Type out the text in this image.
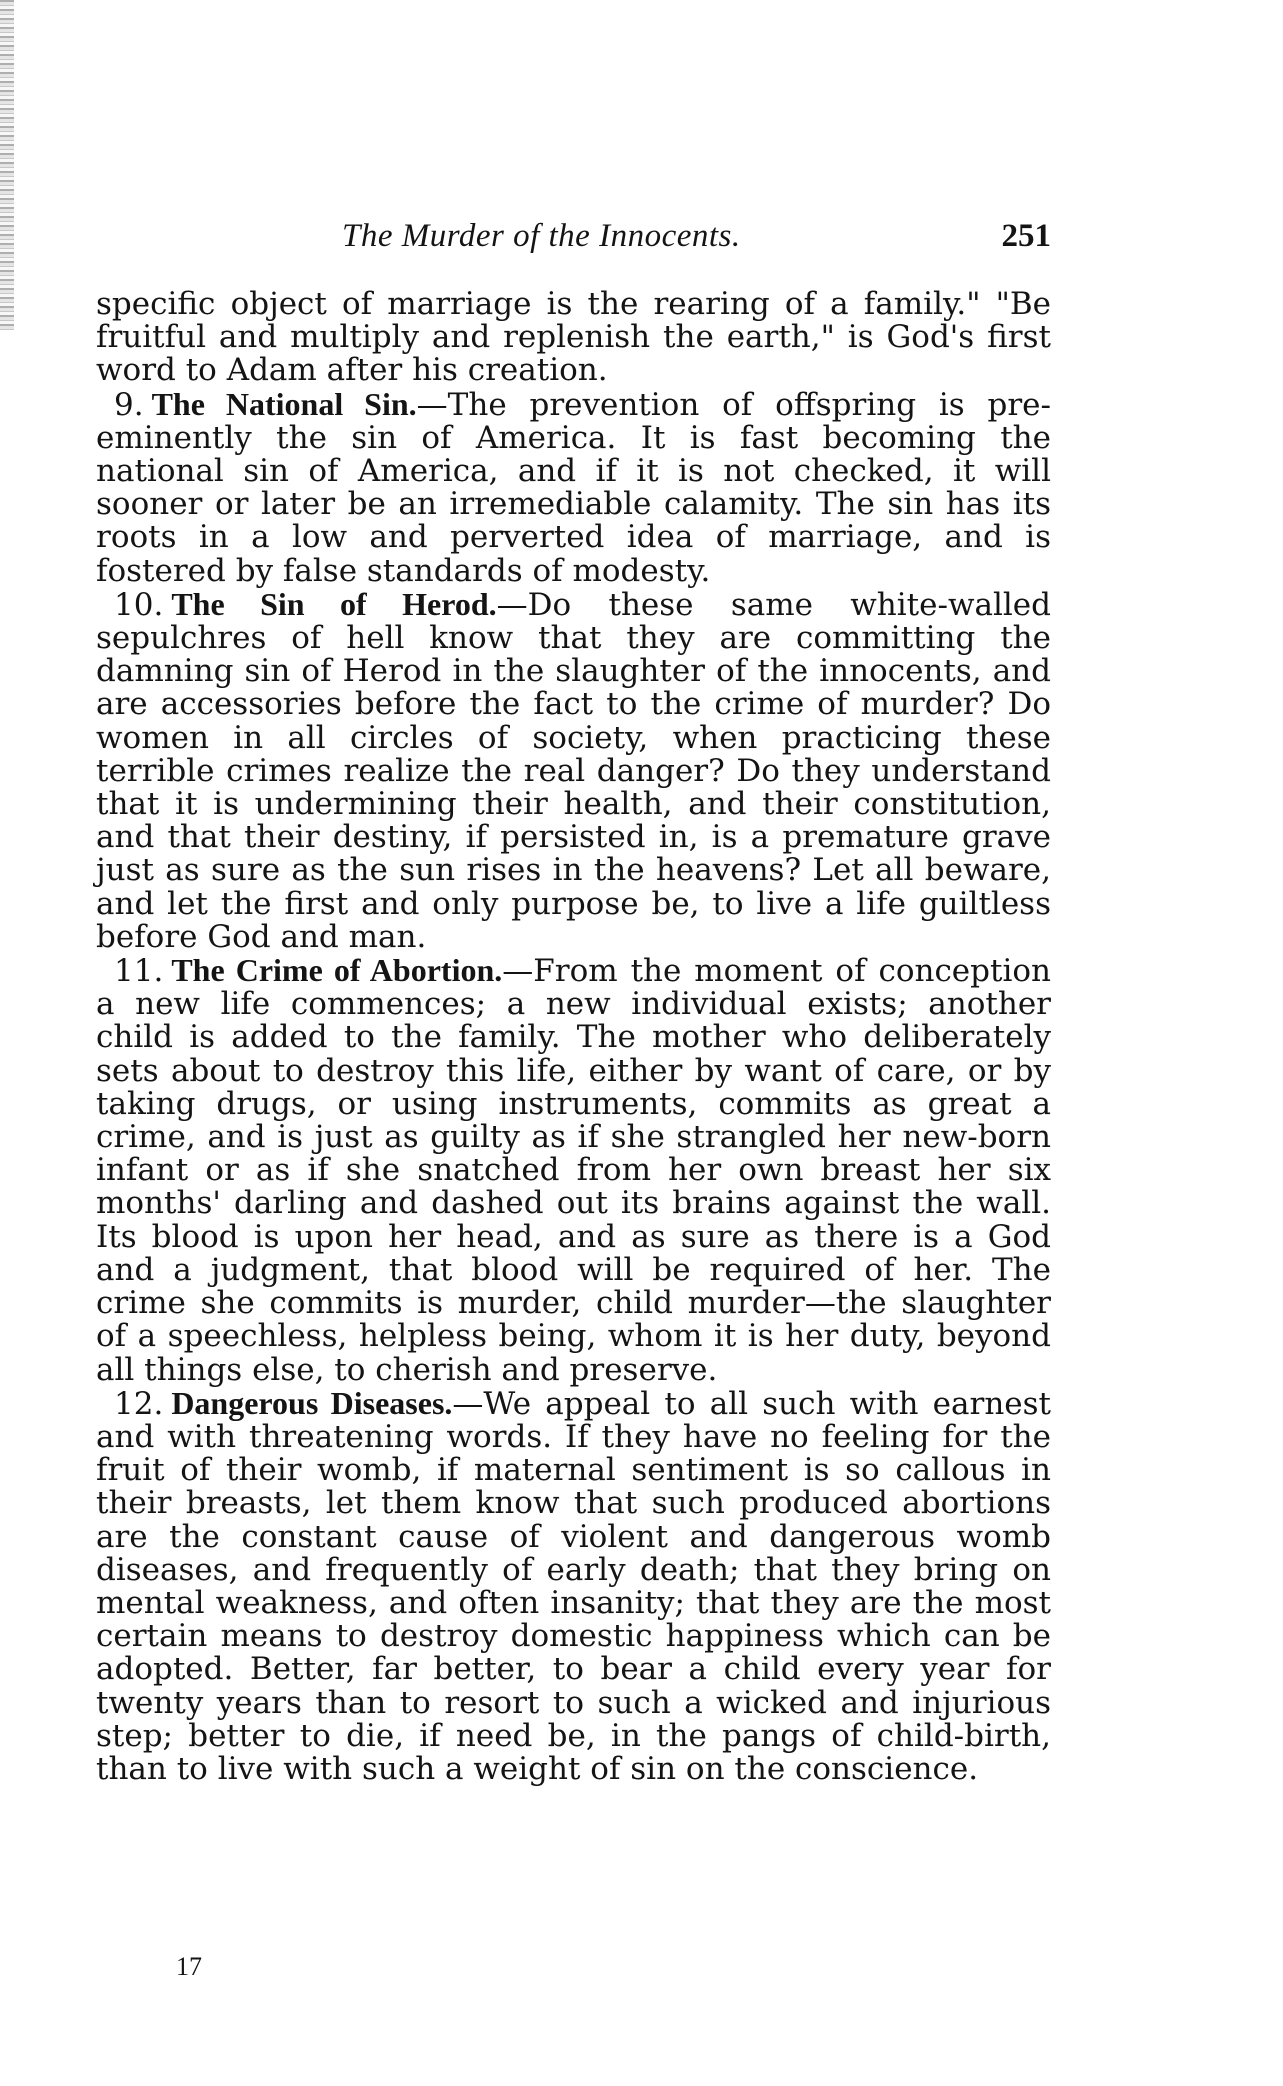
The Murder of the Innocents.	251

specific object of marriage is the rearing of a family." "Be fruitful and multiply and replenish the earth," is God's first word to Adam after his creation.

9. The National Sin.—The prevention of offspring is pre-eminently the sin of America. It is fast becoming the national sin of America, and if it is not checked, it will sooner or later be an irremediable calamity. The sin has its roots in a low and perverted idea of marriage, and is fostered by false standards of modesty.

10. The Sin of Herod.—Do these same white-walled sepulchres of hell know that they are committing the damning sin of Herod in the slaughter of the innocents, and are accessories before the fact to the crime of murder? Do women in all circles of society, when practicing these terrible crimes realize the real danger? Do they understand that it is undermining their health, and their constitution, and that their destiny, if persisted in, is a premature grave just as sure as the sun rises in the heavens? Let all beware, and let the first and only purpose be, to live a life guiltless before God and man.

11. The Crime of Abortion.—From the moment of conception a new life commences; a new individual exists; another child is added to the family. The mother who deliberately sets about to destroy this life, either by want of care, or by taking drugs, or using instruments, commits as great a crime, and is just as guilty as if she strangled her new-born infant or as if she snatched from her own breast her six months' darling and dashed out its brains against the wall. Its blood is upon her head, and as sure as there is a God and a judgment, that blood will be required of her. The crime she commits is murder, child murder—the slaughter of a speechless, helpless being, whom it is her duty, beyond all things else, to cherish and preserve.

12. Dangerous Diseases.—We appeal to all such with earnest and with threatening words. If they have no feeling for the fruit of their womb, if maternal sentiment is so callous in their breasts, let them know that such produced abortions are the constant cause of violent and dangerous womb diseases, and frequently of early death; that they bring on mental weakness, and often insanity; that they are the most certain means to destroy domestic happiness which can be adopted. Better, far better, to bear a child every year for twenty years than to resort to such a wicked and injurious step; better to die, if need be, in the pangs of child-birth, than to live with such a weight of sin on the conscience.

17
